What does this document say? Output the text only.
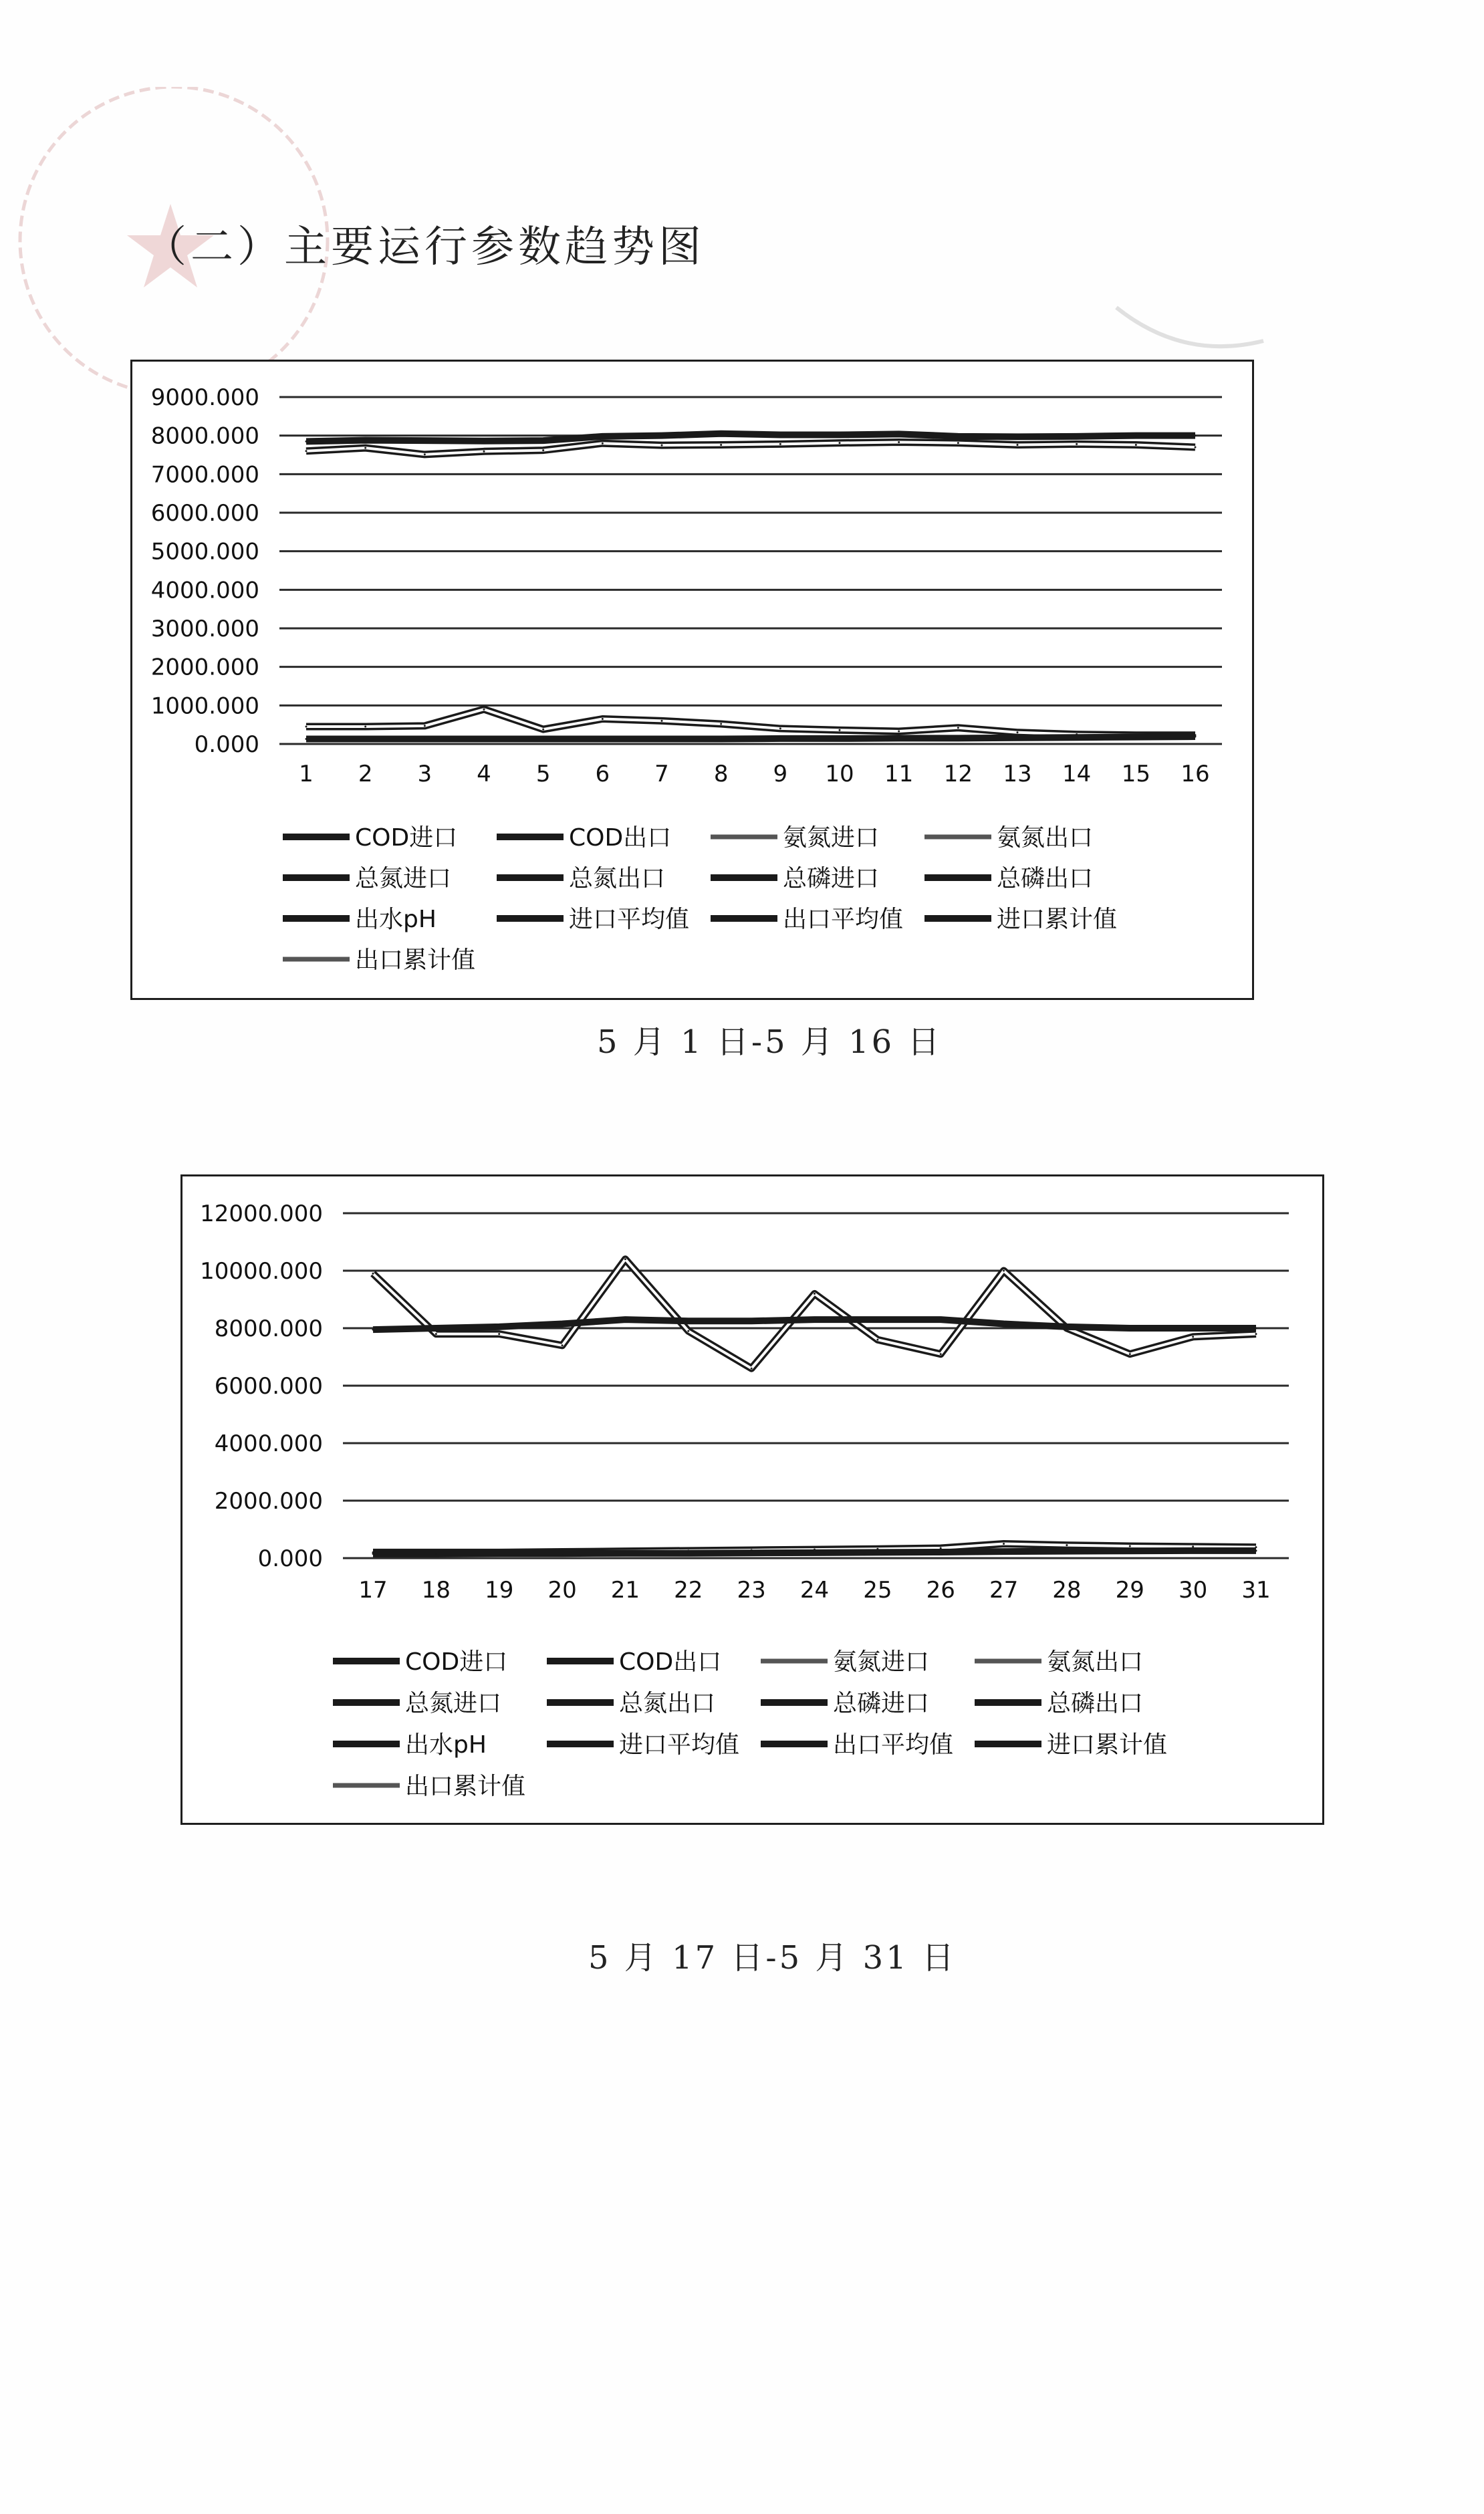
（二）主要运行参数趋势图
0.000
1000.000
2000.000
3000.000
4000.000
5000.000
6000.000
7000.000
8000.000
9000.000
1 2 3 4 5 6 7 8 9 10 11 12 13 14 15 16
COD进口	COD出口	氨氮进口	氨氮出口
总氮进口	总氮出口	总磷进口	总磷出口
出水pH	进口平均值	出口平均值	进口累计值
出口累计值
5 月 1 日-5 月 16 日
0.000
2000.000
4000.000
6000.000
8000.000
10000.000
12000.000
17 18 19 20 21 22 23 24 25 26 27 28 29 30 31
COD进口	COD出口	氨氮进口	氨氮出口
总氮进口	总氮出口	总磷进口	总磷出口
出水pH	进口平均值	出口平均值	进口累计值
出口累计值
5 月 17 日-5 月 31 日
